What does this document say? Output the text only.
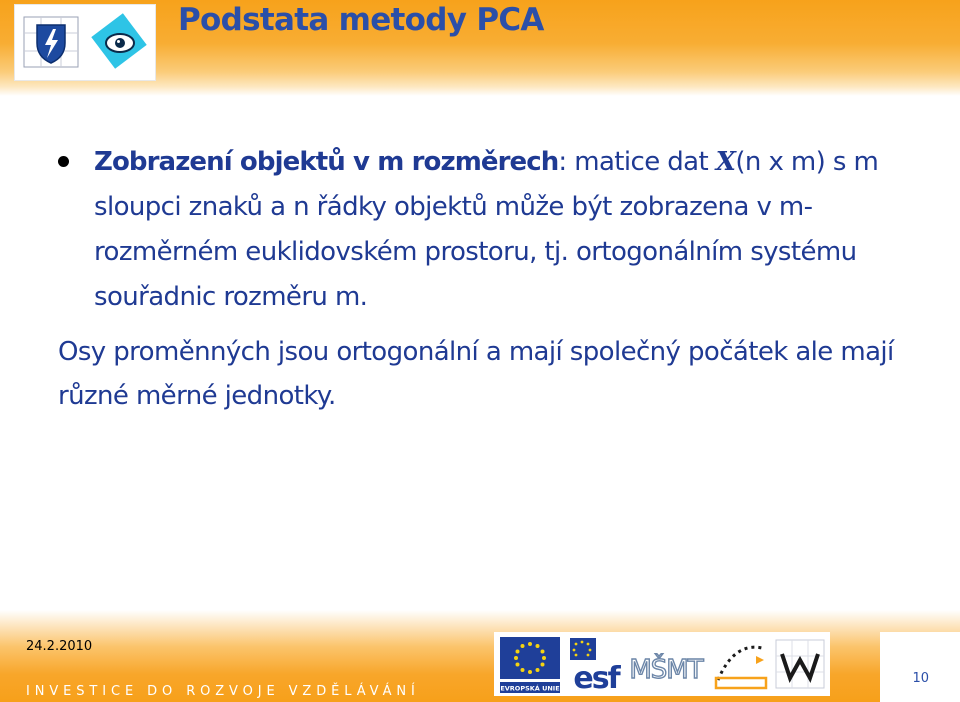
Podstata metody PCA
Zobrazení objektů v m rozměrech: matice dat X(n x m) s m sloupci znaků a n řádky objektů může být zobrazena v m-rozměrném euklidovském prostoru, tj. ortogonálním systému souřadnic rozměru m.
Osy proměnných jsou ortogonální a mají společný počátek ale mají různé měrné jednotky.
24.2.2010
INVESTICE DO ROZVOJE VZDĚLÁVÁNÍ	EVROPSKÁ UNIE esf MŠMT	10
